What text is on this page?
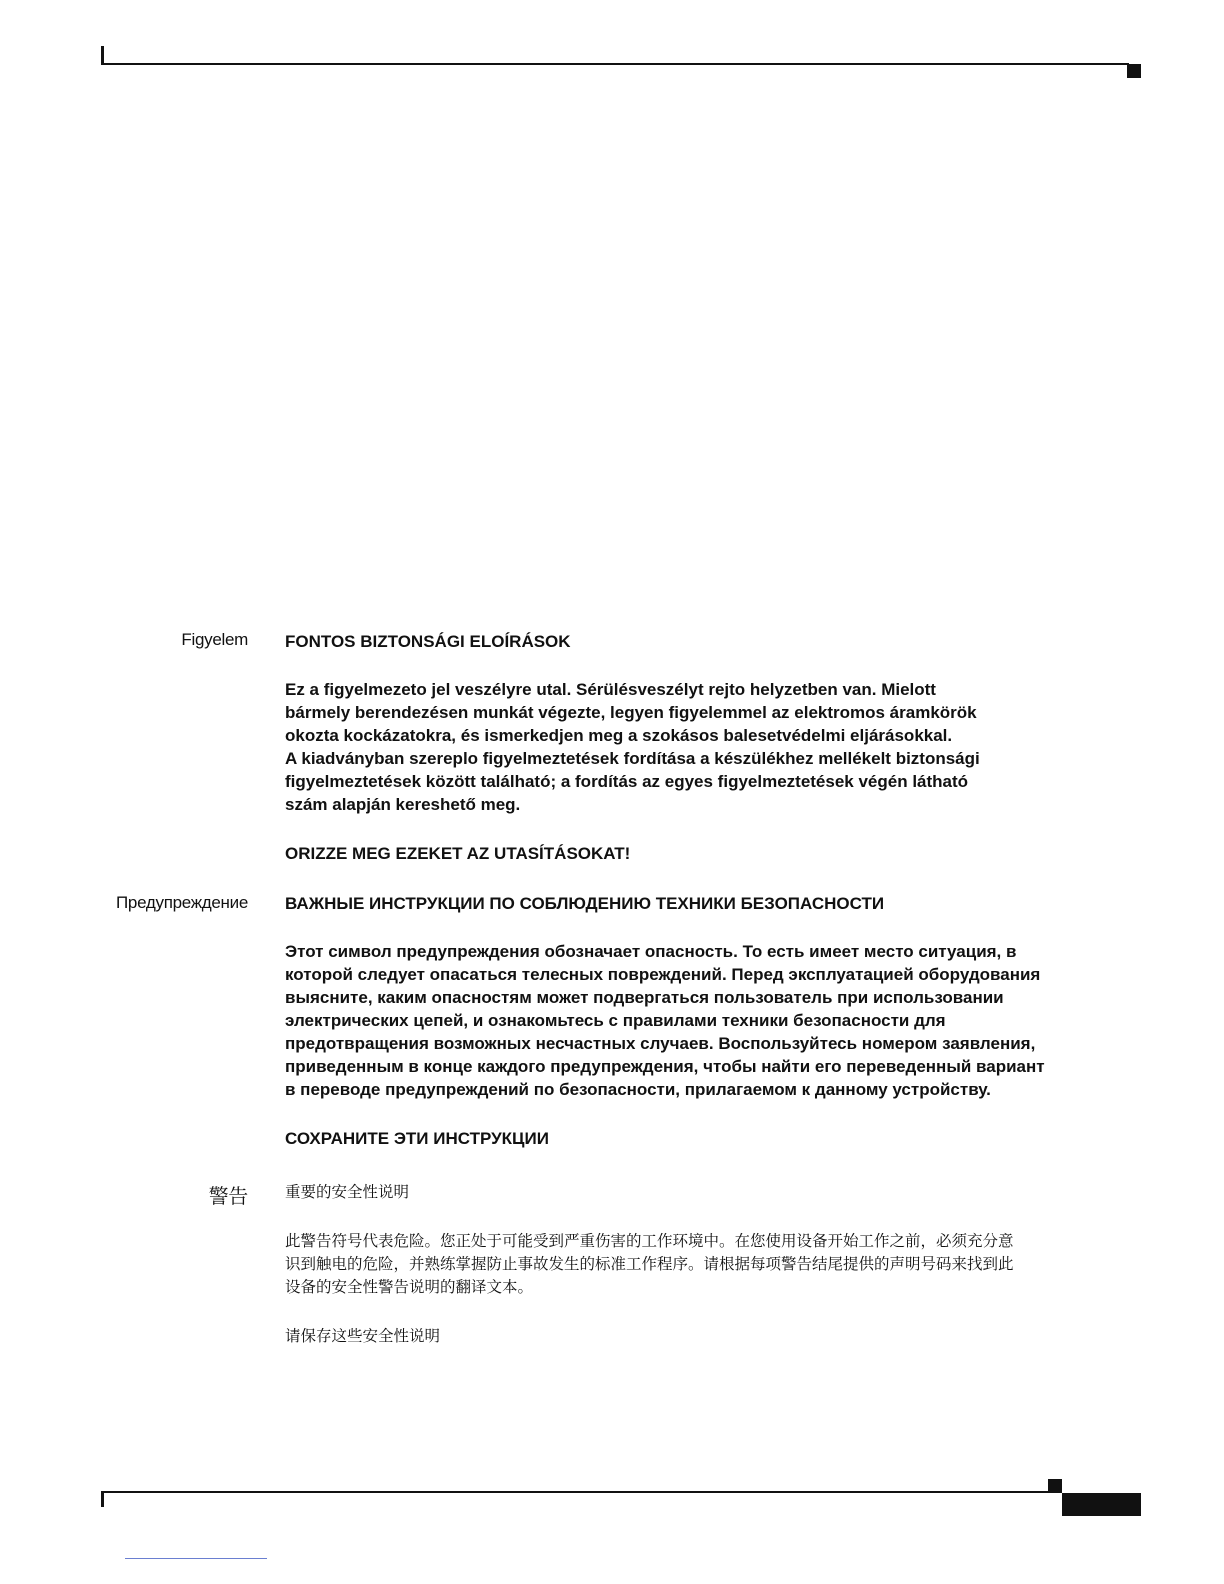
Figyelem FONTOS BIZTONSÁGI ELOÍRÁSOK

Ez a figyelmezeto jel veszélyre utal. Sérülésveszélyt rejto helyzetben van. Mielott
bármely berendezésen munkát végezte, legyen figyelemmel az elektromos áramkörök
okozta kockázatokra, és ismerkedjen meg a szokásos balesetvédelmi eljárásokkal.
A kiadványban szereplo figyelmeztetések fordítása a készülékhez mellékelt biztonsági
figyelmeztetések között található; a fordítás az egyes figyelmeztetések végén látható
szám alapján kereshető meg.

ORIZZE MEG EZEKET AZ UTASÍTÁSOKAT!

Предупреждение ВАЖНЫЕ ИНСТРУКЦИИ ПО СОБЛЮДЕНИЮ ТЕХНИКИ БЕЗОПАСНОСТИ

Этот символ предупреждения обозначает опасность. То есть имеет место ситуация, в
которой следует опасаться телесных повреждений. Перед эксплуатацией оборудования
выясните, каким опасностям может подвергаться пользователь при использовании
электрических цепей, и ознакомьтесь с правилами техники безопасности для
предотвращения возможных несчастных случаев. Воспользуйтесь номером заявления,
приведенным в конце каждого предупреждения, чтобы найти его переведенный вариант
в переводе предупреждений по безопасности, прилагаемом к данному устройству.

СОХРАНИТЕ ЭТИ ИНСТРУКЦИИ

警告 重要的安全性说明

此警告符号代表危险。您正处于可能受到严重伤害的工作环境中。在您使用设备开始工作之前，必须充分意
识到触电的危险，并熟练掌握防止事故发生的标准工作程序。请根据每项警告结尾提供的声明号码来找到此
设备的安全性警告说明的翻译文本。

请保存这些安全性说明
